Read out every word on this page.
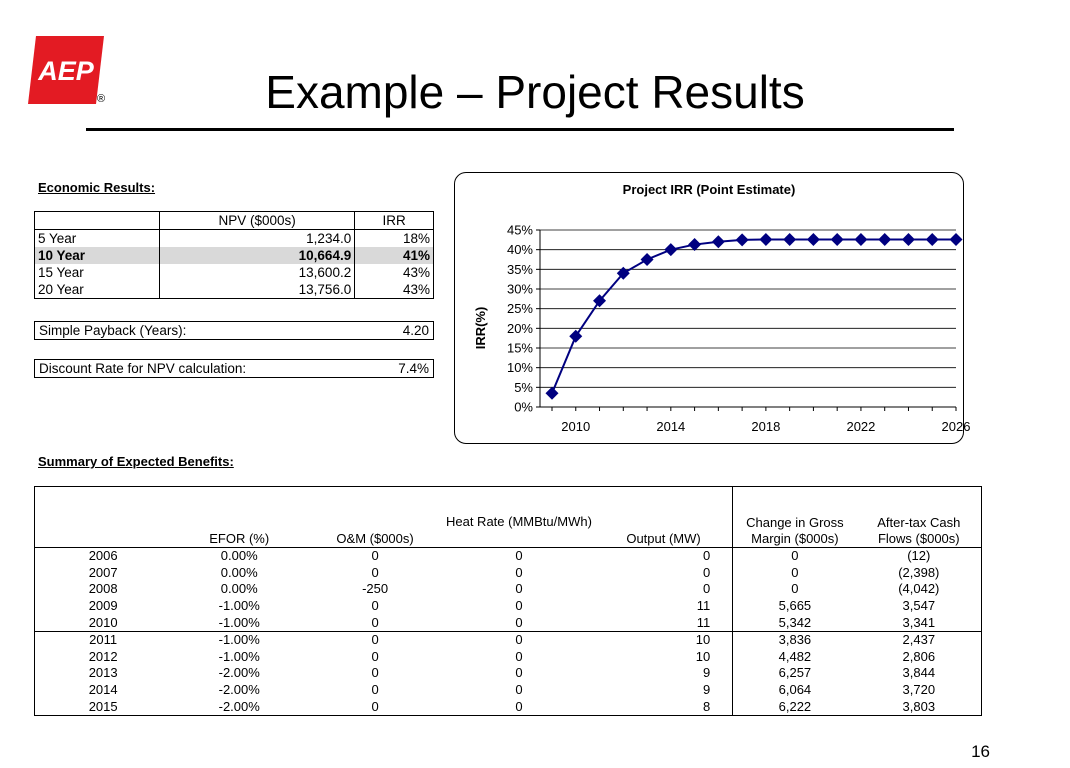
AEP
®	Example – Project Results
Economic Results:
	NPV ($000s)	IRR
5 Year	1,234.0	18%
10 Year	10,664.9	41%
15 Year	13,600.2	43%
20 Year	13,756.0	43%
Simple Payback (Years):	4.20
Discount Rate for NPV calculation:	7.4%
Project IRR (Point Estimate)
IRR(%)
0%
5%
10%
15%
20%
25%
30%
35%
40%
45%
2010	2014	2018	2022	2026
Summary of Expected Benefits:
	EFOR (%)	O&M ($000s)	Heat Rate (MMBtu/MWh)	Output (MW)	Change in Gross Margin ($000s)	After-tax Cash Flows ($000s)
2006	0.00%	0	0	0	0	(12)
2007	0.00%	0	0	0	0	(2,398)
2008	0.00%	-250	0	0	0	(4,042)
2009	-1.00%	0	0	11	5,665	3,547
2010	-1.00%	0	0	11	5,342	3,341
2011	-1.00%	0	0	10	3,836	2,437
2012	-1.00%	0	0	10	4,482	2,806
2013	-2.00%	0	0	9	6,257	3,844
2014	-2.00%	0	0	9	6,064	3,720
2015	-2.00%	0	0	8	6,222	3,803
16
